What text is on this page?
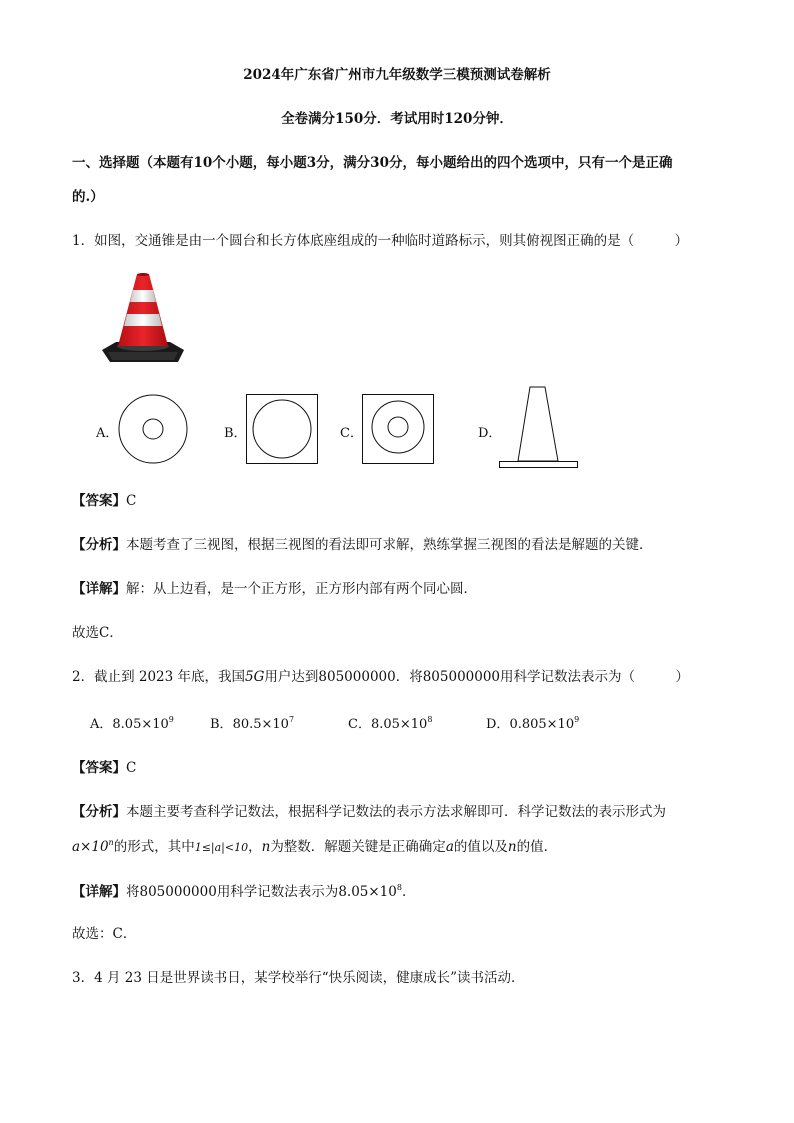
2024年广东省广州市九年级数学三模预测试卷解析
全卷满分150分．考试用时120分钟．
一、选择题（本题有10个小题，每小题3分，满分30分，每小题给出的四个选项中，只有一个是正确
的.）
1．如图，交通锥是由一个圆台和长方体底座组成的一种临时道路标示，则其俯视图正确的是（　　　）
A．	B．	C．	D．
【答案】C
【分析】本题考查了三视图，根据三视图的看法即可求解，熟练掌握三视图的看法是解题的关键．
【详解】解：从上边看，是一个正方形，正方形内部有两个同心圆．
故选C．
2．截止到 2023 年底，我国5G用户达到805000000．将805000000用科学记数法表示为（　　　）
A．$8.05\times 10^9$	B．$80.5\times 10^7$	C．$8.05\times 10^8$	D．$0.805\times 10^9$
【答案】C
【分析】本题主要考查科学记数法，根据科学记数法的表示方法求解即可．科学记数法的表示形式为
$a\times 10^n$的形式，其中1≤|a|<10，n为整数．解题关键是正确确定a的值以及n的值．
【详解】将805000000用科学记数法表示为$8.05\times 10^8$．
故选：C．
3．4 月 23 日是世界读书日，某学校举行“快乐阅读，健康成长”读书活动．
